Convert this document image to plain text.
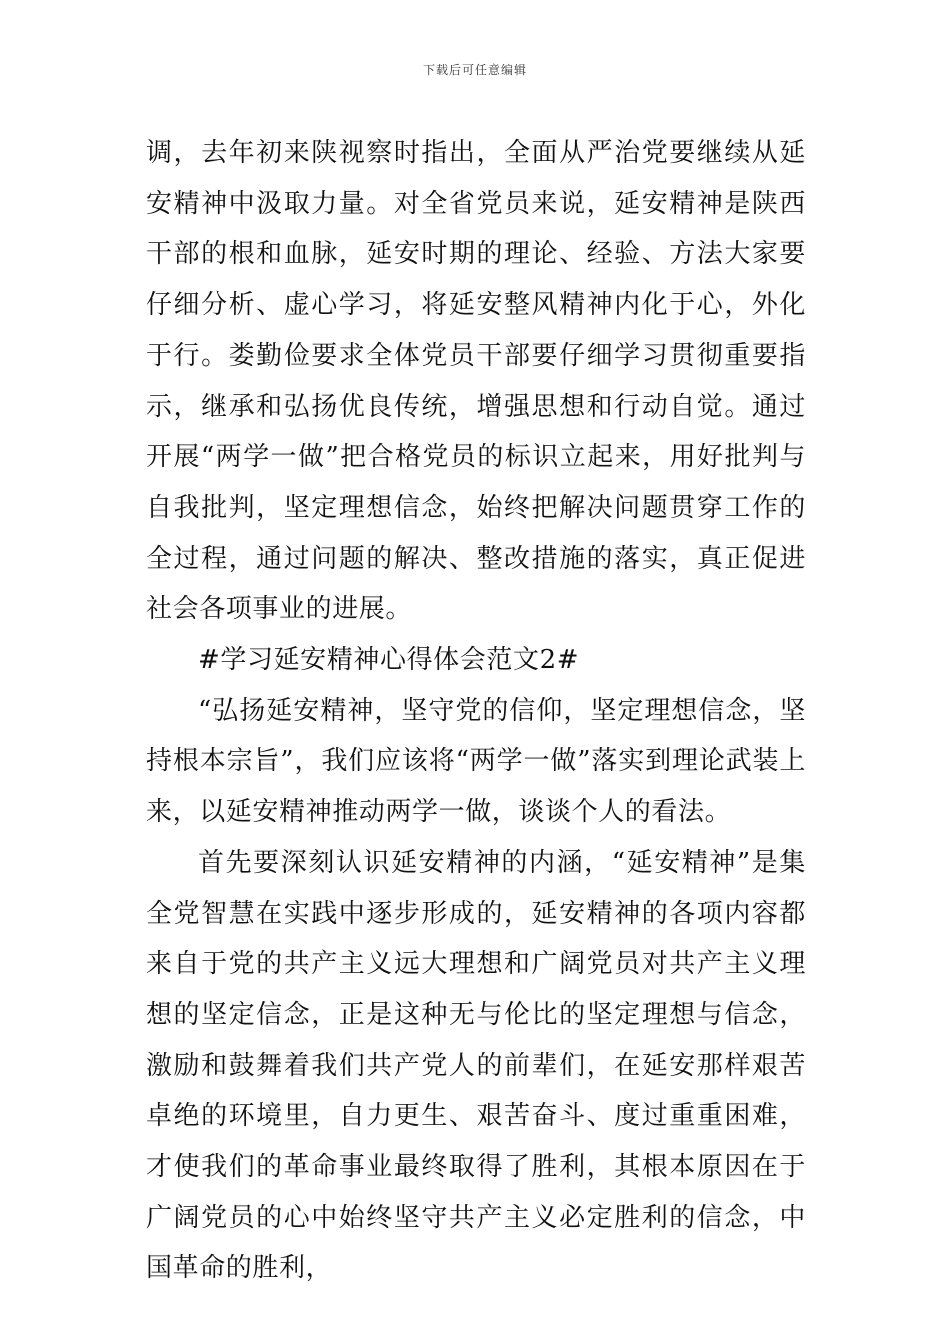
下载后可任意编辑

调，去年初来陕视察时指出，全面从严治党要继续从延安精神中汲取力量。对全省党员来说，延安精神是陕西干部的根和血脉，延安时期的理论、经验、方法大家要仔细分析、虚心学习，将延安整风精神内化于心，外化于行。娄勤俭要求全体党员干部要仔细学习贯彻重要指示，继承和弘扬优良传统，增强思想和行动自觉。通过开展“两学一做”把合格党员的标识立起来，用好批判与自我批判，坚定理想信念，始终把解决问题贯穿工作的全过程，通过问题的解决、整改措施的落实，真正促进社会各项事业的进展。

#学习延安精神心得体会范文2#

“弘扬延安精神，坚守党的信仰，坚定理想信念，坚持根本宗旨”，我们应该将“两学一做”落实到理论武装上来，以延安精神推动两学一做，谈谈个人的看法。

首先要深刻认识延安精神的内涵，“延安精神”是集全党智慧在实践中逐步形成的，延安精神的各项内容都来自于党的共产主义远大理想和广阔党员对共产主义理想的坚定信念，正是这种无与伦比的坚定理想与信念，激励和鼓舞着我们共产党人的前辈们，在延安那样艰苦卓绝的环境里，自力更生、艰苦奋斗、度过重重困难，才使我们的革命事业最终取得了胜利，其根本原因在于广阔党员的心中始终坚守共产主义必定胜利的信念，中国革命的胜利，
